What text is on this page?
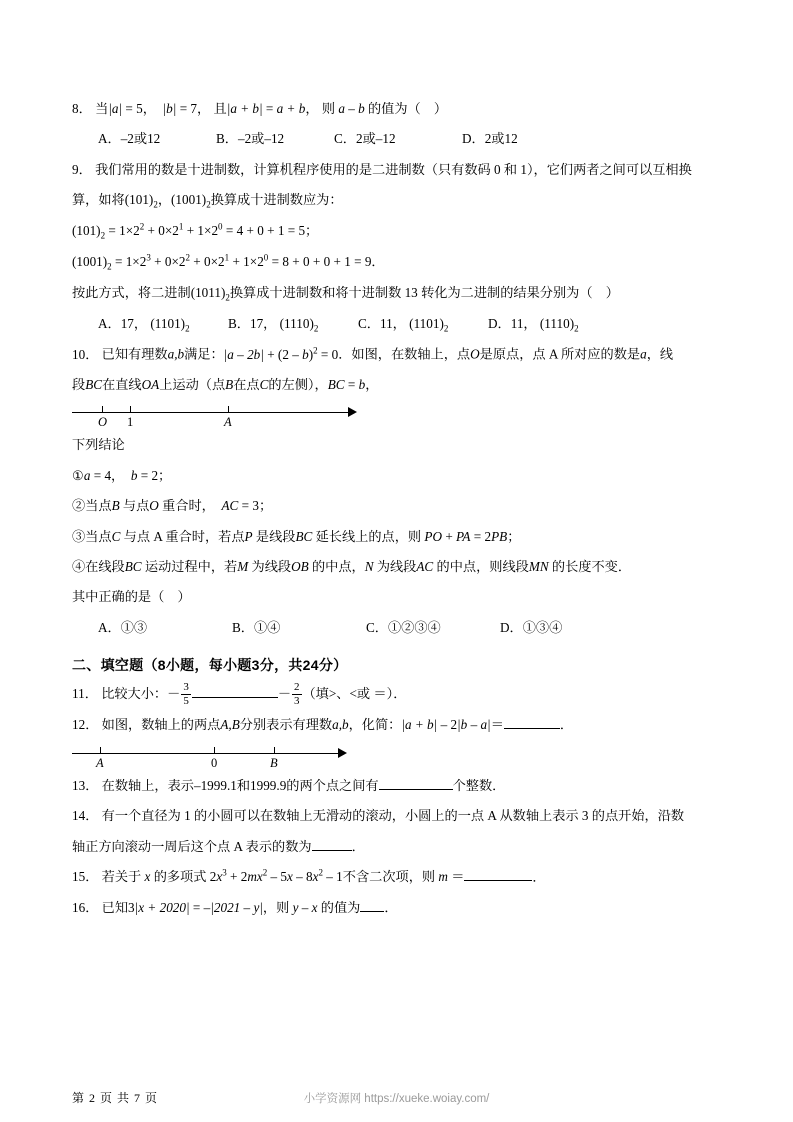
8． 当|a| = 5， |b| = 7， 且|a + b| = a + b， 则 a – b 的值为（　）
A．–2或12	B．–2或–12	C．2或–12	D．2或12
9． 我们常用的数是十进制数，计算机程序使用的是二进制数（只有数码 0 和 1），它们两者之间可以互相换
算，如将$(101)_2$，$(1001)_2$换算成十进制数应为：
$(101)_2 = 1\times 2^2 + 0\times 2^1 + 1\times 2^0 = 4 + 0 + 1 = 5$；
$(1001)_2 = 1\times 2^3 + 0\times 2^2 + 0\times 2^1 + 1\times 2^0 = 8 + 0 + 0 + 1 = 9$．
按此方式，将二进制$(1011)_2$换算成十进制数和将十进制数 13 转化为二进制的结果分别为（　）
A．17， $(1101)_2$	B．17， $(1110)_2$	C．11， $(1101)_2$	D．11， $(1110)_2$
10． 已知有理数a,b满足：|a – 2b| + (2 – b)$^2$ = 0．如图，在数轴上，点O是原点，点 A 所对应的数是a，线
段BC在直线OA上运动（点B在点C的左侧），BC = b，
O 1	A
下列结论
①a = 4，  b = 2；
②当点B 与点O 重合时，  AC = 3；
③当点C 与点 A 重合时，若点P 是线段BC 延长线上的点，则 PO + PA = 2PB；
④在线段BC 运动过程中，若M 为线段OB 的中点，N 为线段AC 的中点，则线段MN 的长度不变．
其中正确的是（　）
A．①③	B．①④	C．①②③④	D．①③④
二、填空题（8小题，每小题3分，共24分）
11． 比较大小：－ $\frac{3}{5}$	－ $\frac{2}{3}$ （填>、<或 ＝）．
12． 如图，数轴上的两点A,B分别表示有理数a,b，化简：|a + b| – 2|b – a|＝	．
A	0	B
13． 在数轴上，表示–1999.1和1999.9的两个点之间有	个整数．
14． 有一个直径为 1 的小圆可以在数轴上无滑动的滚动，小圆上的一点 A 从数轴上表示 3 的点开始，沿数
轴正方向滚动一周后这个点 A 表示的数为	．
15． 若关于 x 的多项式 $2x^3 + 2mx^2 - 5x - 8x^2 - 1$不含二次项，则 m ＝	．
16． 已知3|x + 2020| = –|2021 – y|，则 y – x 的值为 ．
第 2 页 共 7 页	小学资源网 https://xueke.woiay.com/
